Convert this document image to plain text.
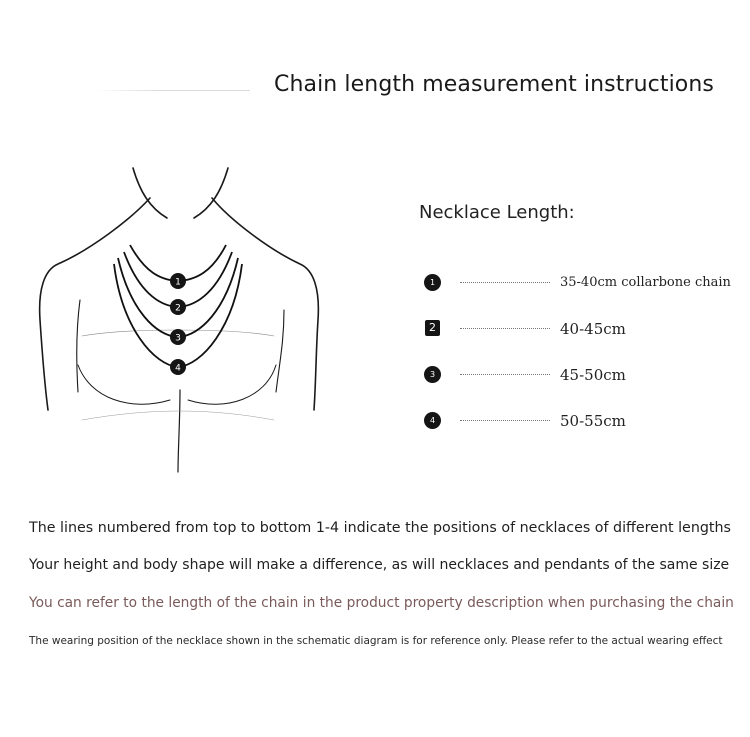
Chain length measurement instructions
1
2
3
4
Necklace Length:
1	35-40cm collarbone chain
2	40-45cm
3	45-50cm
4	50-55cm
The lines numbered from top to bottom 1-4 indicate the positions of necklaces of different lengths
Your height and body shape will make a difference, as will necklaces and pendants of the same size
You can refer to the length of the chain in the product property description when purchasing the chain
The wearing position of the necklace shown in the schematic diagram is for reference only. Please refer to the actual wearing effect
